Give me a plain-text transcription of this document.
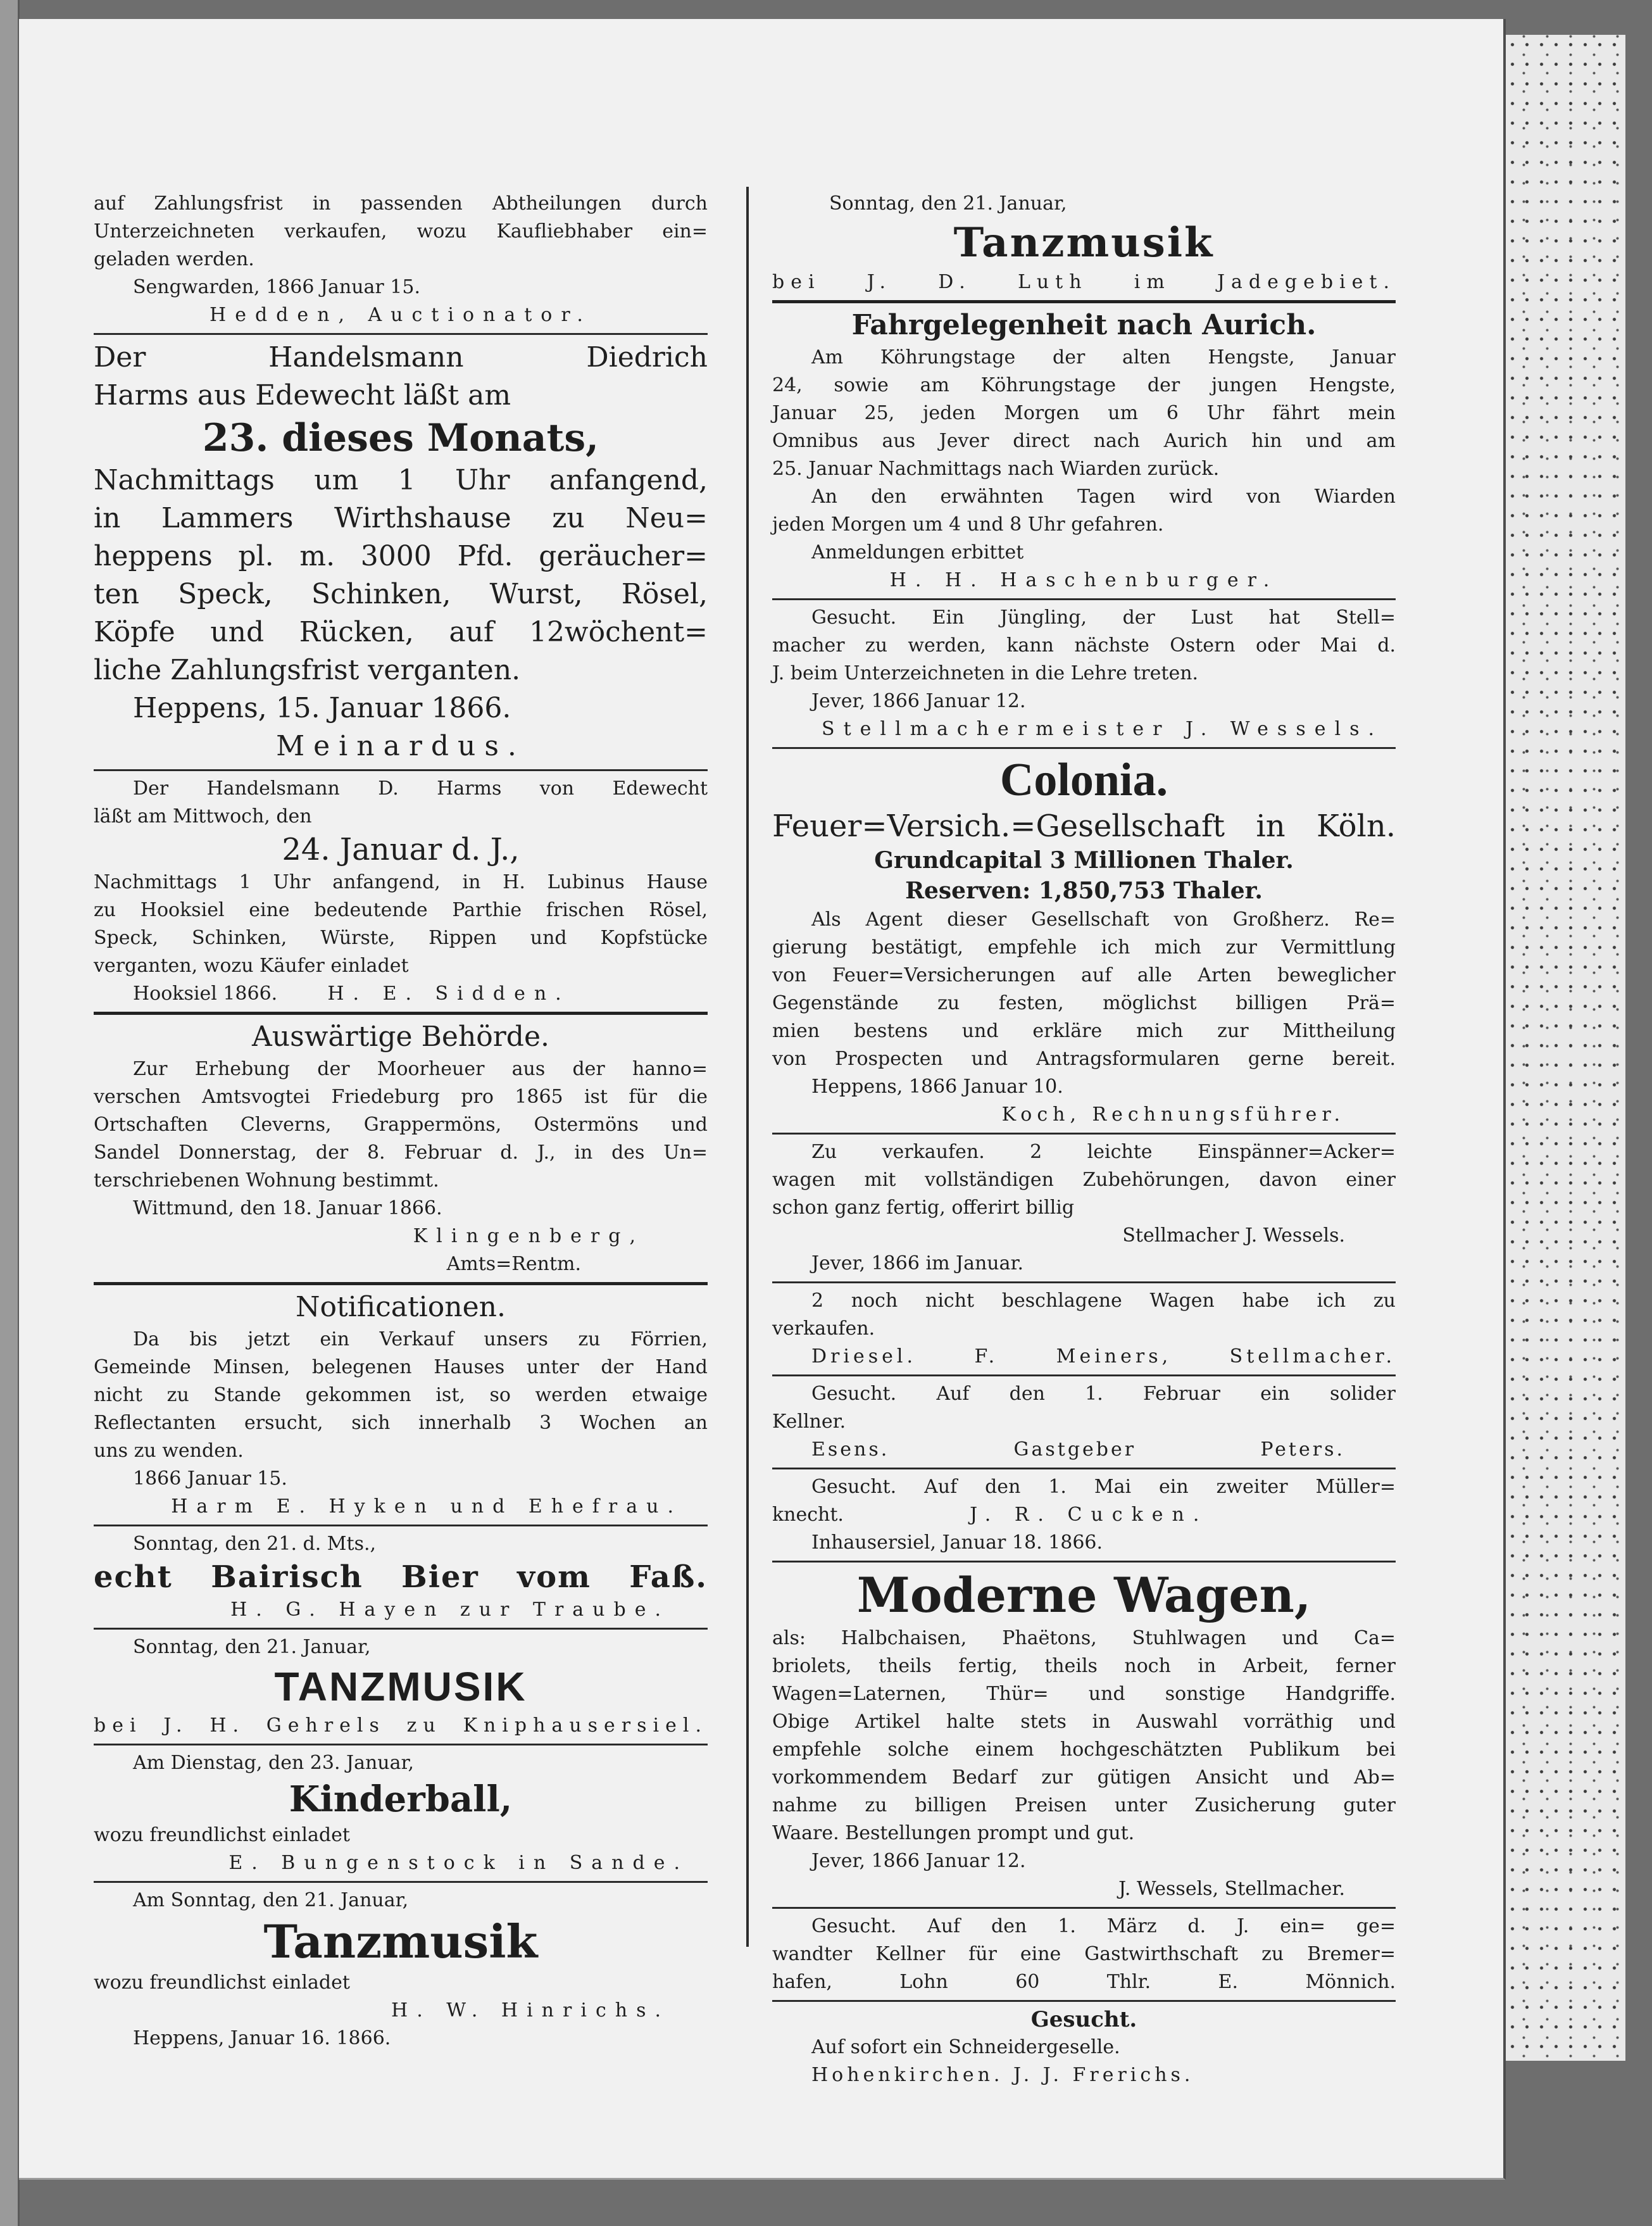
auf Zahlungsfrist in passenden Abtheilungen durch
Unterzeichneten verkaufen, wozu Kaufliebhaber ein=
geladen werden.
Sengwarden, 1866 Januar 15.
Hedden, Auctionator.
Der Handelsmann Diedrich
Harms aus Edewecht läßt am
23. dieses Monats,
Nachmittags um 1 Uhr anfangend,
in Lammers Wirthshause zu Neu=
heppens pl. m. 3000 Pfd. geräucher=
ten Speck, Schinken, Wurst, Rösel,
Köpfe und Rücken, auf 12wöchent=
liche Zahlungsfrist verganten.
Heppens, 15. Januar 1866.
Meinardus.
Der Handelsmann D. Harms von Edewecht
läßt am Mittwoch, den
24. Januar d. J.,
Nachmittags 1 Uhr anfangend, in H. Lubinus Hause
zu Hooksiel eine bedeutende Parthie frischen Rösel,
Speck, Schinken, Würste, Rippen und Kopfstücke
verganten, wozu Käufer einladet
Hooksiel 1866.	H. E. Sidden.
Auswärtige Behörde.
Zur Erhebung der Moorheuer aus der hanno=
verschen Amtsvogtei Friedeburg pro 1865 ist für die
Ortschaften Cleverns, Grappermöns, Ostermöns und
Sandel Donnerstag, der 8. Februar d. J., in des Un=
terschriebenen Wohnung bestimmt.
Wittmund, den 18. Januar 1866.
Klingenberg,
Amts=Rentm.
Notificationen.
Da bis jetzt ein Verkauf unsers zu Förrien,
Gemeinde Minsen, belegenen Hauses unter der Hand
nicht zu Stande gekommen ist, so werden etwaige
Reflectanten ersucht, sich innerhalb 3 Wochen an
uns zu wenden.
1866 Januar 15.
Harm E. Hyken und Ehefrau.
Sonntag, den 21. d. Mts.,
echt Bairisch Bier vom Faß.
H. G. Hayen zur Traube.
Sonntag, den 21. Januar,
TANZMUSIK
bei J. H. Gehrels zu Kniphausersiel.
Am Dienstag, den 23. Januar,
Kinderball,
wozu freundlichst einladet
E. Bungenstock in Sande.
Am Sonntag, den 21. Januar,
Tanzmusik
wozu freundlichst einladet
H. W. Hinrichs.
Heppens, Januar 16. 1866.
Sonntag, den 21. Januar,
Tanzmusik
bei J. D. Luth im Jadegebiet.
Fahrgelegenheit nach Aurich.
Am Köhrungstage der alten Hengste, Januar
24, sowie am Köhrungstage der jungen Hengste,
Januar 25, jeden Morgen um 6 Uhr fährt mein
Omnibus aus Jever direct nach Aurich hin und am
25. Januar Nachmittags nach Wiarden zurück.
An den erwähnten Tagen wird von Wiarden
jeden Morgen um 4 und 8 Uhr gefahren.
Anmeldungen erbittet
H. H. Haschenburger.
Gesucht. Ein Jüngling, der Lust hat Stell=
macher zu werden, kann nächste Ostern oder Mai d.
J. beim Unterzeichneten in die Lehre treten.
Jever, 1866 Januar 12.
Stellmachermeister J. Wessels.
Colonia.
Feuer=Versich.=Gesellschaft in Köln.
Grundcapital 3 Millionen Thaler.
Reserven: 1,850,753 Thaler.
Als Agent dieser Gesellschaft von Großherz. Re=
gierung bestätigt, empfehle ich mich zur Vermittlung
von Feuer=Versicherungen auf alle Arten beweglicher
Gegenstände zu festen, möglichst billigen Prä=
mien bestens und erkläre mich zur Mittheilung
von Prospecten und Antragsformularen gerne bereit.
Heppens, 1866 Januar 10.
Koch, Rechnungsführer.
Zu verkaufen. 2 leichte Einspänner=Acker=
wagen mit vollständigen Zubehörungen, davon einer
schon ganz fertig, offerirt billig
Stellmacher J. Wessels.
Jever, 1866 im Januar.
2 noch nicht beschlagene Wagen habe ich zu
verkaufen.
Driesel. F. Meiners, Stellmacher.
Gesucht. Auf den 1. Februar ein solider
Kellner.
Esens. Gastgeber Peters.
Gesucht. Auf den 1. Mai ein zweiter Müller=
knecht.	J. R. Cucken.
Inhausersiel, Januar 18. 1866.
Moderne Wagen,
als: Halbchaisen, Phaëtons, Stuhlwagen und Ca=
briolets, theils fertig, theils noch in Arbeit, ferner
Wagen=Laternen, Thür= und sonstige Handgriffe.
Obige Artikel halte stets in Auswahl vorräthig und
empfehle solche einem hochgeschätzten Publikum bei
vorkommendem Bedarf zur gütigen Ansicht und Ab=
nahme zu billigen Preisen unter Zusicherung guter
Waare. Bestellungen prompt und gut.
Jever, 1866 Januar 12.
J. Wessels, Stellmacher.
Gesucht. Auf den 1. März d. J. ein= ge=
wandter Kellner für eine Gastwirthschaft zu Bremer=
hafen, Lohn 60 Thlr. E. Mönnich.
Gesucht.
Auf sofort ein Schneidergeselle.
Hohenkirchen. J. J. Frerichs.
